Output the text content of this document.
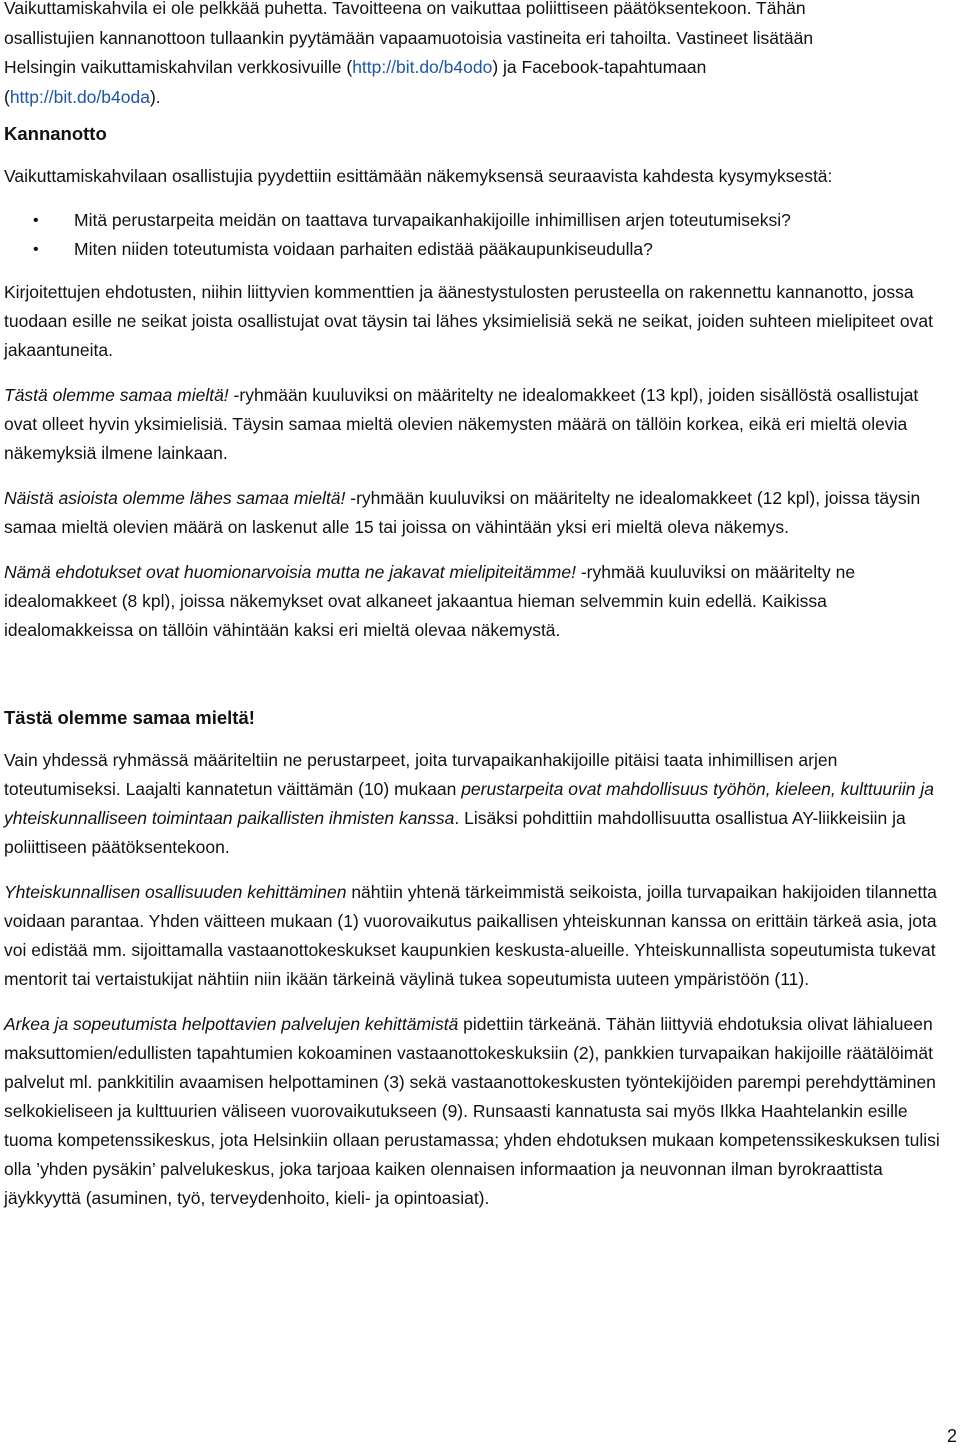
Vaikuttamiskahvila ei ole pelkkää puhetta. Tavoitteena on vaikuttaa poliittiseen päätöksentekoon. Tähän
osallistujien kannanottoon tullaankin pyytämään vapaamuotoisia vastineita eri tahoilta. Vastineet lisätään
Helsingin vaikuttamiskahvilan verkkosivuille (http://bit.do/b4odo) ja Facebook-tapahtumaan
(http://bit.do/b4oda).
Kannanotto

Vaikuttamiskahvilaan osallistujia pyydettiin esittämään näkemyksensä seuraavista kahdesta kysymyksestä:

• Mitä perustarpeita meidän on taattava turvapaikanhakijoille inhimillisen arjen toteutumiseksi?
• Miten niiden toteutumista voidaan parhaiten edistää pääkaupunkiseudulla?

Kirjoitettujen ehdotusten, niihin liittyvien kommenttien ja äänestystulosten perusteella on rakennettu kannanotto, jossa tuodaan esille ne seikat joista osallistujat ovat täysin tai lähes yksimielisiä sekä ne seikat, joiden suhteen mielipiteet ovat jakaantuneita.

Tästä olemme samaa mieltä! -ryhmään kuuluviksi on määritelty ne idealomakkeet (13 kpl), joiden sisällöstä osallistujat ovat olleet hyvin yksimielisiä. Täysin samaa mieltä olevien näkemysten määrä on tällöin korkea, eikä eri mieltä olevia näkemyksiä ilmene lainkaan.

Näistä asioista olemme lähes samaa mieltä! -ryhmään kuuluviksi on määritelty ne idealomakkeet (12 kpl), joissa täysin samaa mieltä olevien määrä on laskenut alle 15 tai joissa on vähintään yksi eri mieltä oleva näkemys.

Nämä ehdotukset ovat huomionarvoisia mutta ne jakavat mielipiteitämme! -ryhmää kuuluviksi on määritelty ne idealomakkeet (8 kpl), joissa näkemykset ovat alkaneet jakaantua hieman selvemmin kuin edellä. Kaikissa idealomakkeissa on tällöin vähintään kaksi eri mieltä olevaa näkemystä.

Tästä olemme samaa mieltä!

Vain yhdessä ryhmässä määriteltiin ne perustarpeet, joita turvapaikanhakijoille pitäisi taata inhimillisen arjen toteutumiseksi. Laajalti kannatetun väittämän (10) mukaan perustarpeita ovat mahdollisuus työhön, kieleen, kulttuuriin ja yhteiskunnalliseen toimintaan paikallisten ihmisten kanssa. Lisäksi pohdittiin mahdollisuutta osallistua AY-liikkeisiin ja poliittiseen päätöksentekoon.

Yhteiskunnallisen osallisuuden kehittäminen nähtiin yhtenä tärkeimmistä seikoista, joilla turvapaikan hakijoiden tilannetta voidaan parantaa. Yhden väitteen mukaan (1) vuorovaikutus paikallisen yhteiskunnan kanssa on erittäin tärkeä asia, jota voi edistää mm. sijoittamalla vastaanottokeskukset kaupunkien keskusta-alueille. Yhteiskunnallista sopeutumista tukevat mentorit tai vertaistukijat nähtiin niin ikään tärkeinä väylinä tukea sopeutumista uuteen ympäristöön (11).

Arkea ja sopeutumista helpottavien palvelujen kehittämistä pidettiin tärkeänä. Tähän liittyviä ehdotuksia olivat lähialueen maksuttomien/edullisten tapahtumien kokoaminen vastaanottokeskuksiin (2), pankkien turvapaikan hakijoille räätälöimät palvelut ml. pankkitilin avaamisen helpottaminen (3) sekä vastaanottokeskusten työntekijöiden parempi perehdyttäminen selkokieliseen ja kulttuurien väliseen vuorovaikutukseen (9). Runsaasti kannatusta sai myös Ilkka Haahtelankin esille tuoma kompetenssikeskus, jota Helsinkiin ollaan perustamassa; yhden ehdotuksen mukaan kompetenssikeskuksen tulisi olla ’yhden pysäkin’ palvelukeskus, joka tarjoaa kaiken olennaisen informaation ja neuvonnan ilman byrokraattista jäykkyyttä (asuminen, työ, terveydenhoito, kieli- ja opintoasiat).

2
